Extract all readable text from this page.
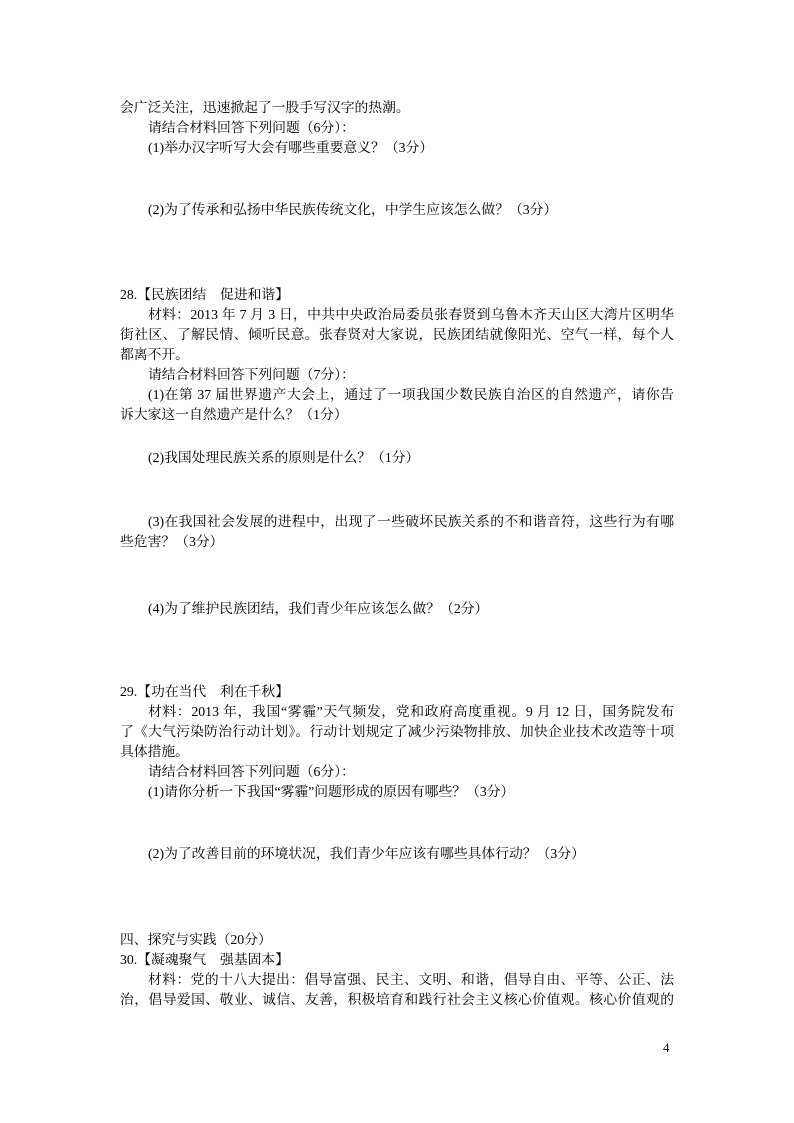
会广泛关注，迅速掀起了一股手写汉字的热潮。
请结合材料回答下列问题（6分）：
(1)举办汉字听写大会有哪些重要意义？（3分）
(2)为了传承和弘扬中华民族传统文化，中学生应该怎么做？（3分）
28.【民族团结　促进和谐】
材料：2013 年 7 月 3 日，中共中央政治局委员张春贤到乌鲁木齐天山区大湾片区明华
街社区、了解民情、倾听民意。张春贤对大家说，民族团结就像阳光、空气一样，每个人
都离不开。
请结合材料回答下列问题（7分）：
(1)在第 37 届世界遗产大会上，通过了一项我国少数民族自治区的自然遗产，请你告
诉大家这一自然遗产是什么？（1分）
(2)我国处理民族关系的原则是什么？（1分）
(3)在我国社会发展的进程中，出现了一些破坏民族关系的不和谐音符，这些行为有哪
些危害？（3分）
(4)为了维护民族团结，我们青少年应该怎么做？（2分）
29.【功在当代　利在千秋】
材料：2013 年，我国“雾霾”天气频发，党和政府高度重视。9 月 12 日，国务院发布
了《大气污染防治行动计划》。行动计划规定了减少污染物排放、加快企业技术改造等十项
具体措施。
请结合材料回答下列问题（6分）：
(1)请你分析一下我国“雾霾”问题形成的原因有哪些？（3分）
(2)为了改善目前的环境状况，我们青少年应该有哪些具体行动？（3分）
四、探究与实践（20分）
30.【凝魂聚气　强基固本】
材料：党的十八大提出：倡导富强、民主、文明、和谐，倡导自由、平等、公正、法
治，倡导爱国、敬业、诚信、友善，积极培育和践行社会主义核心价值观。核心价值观的
4
